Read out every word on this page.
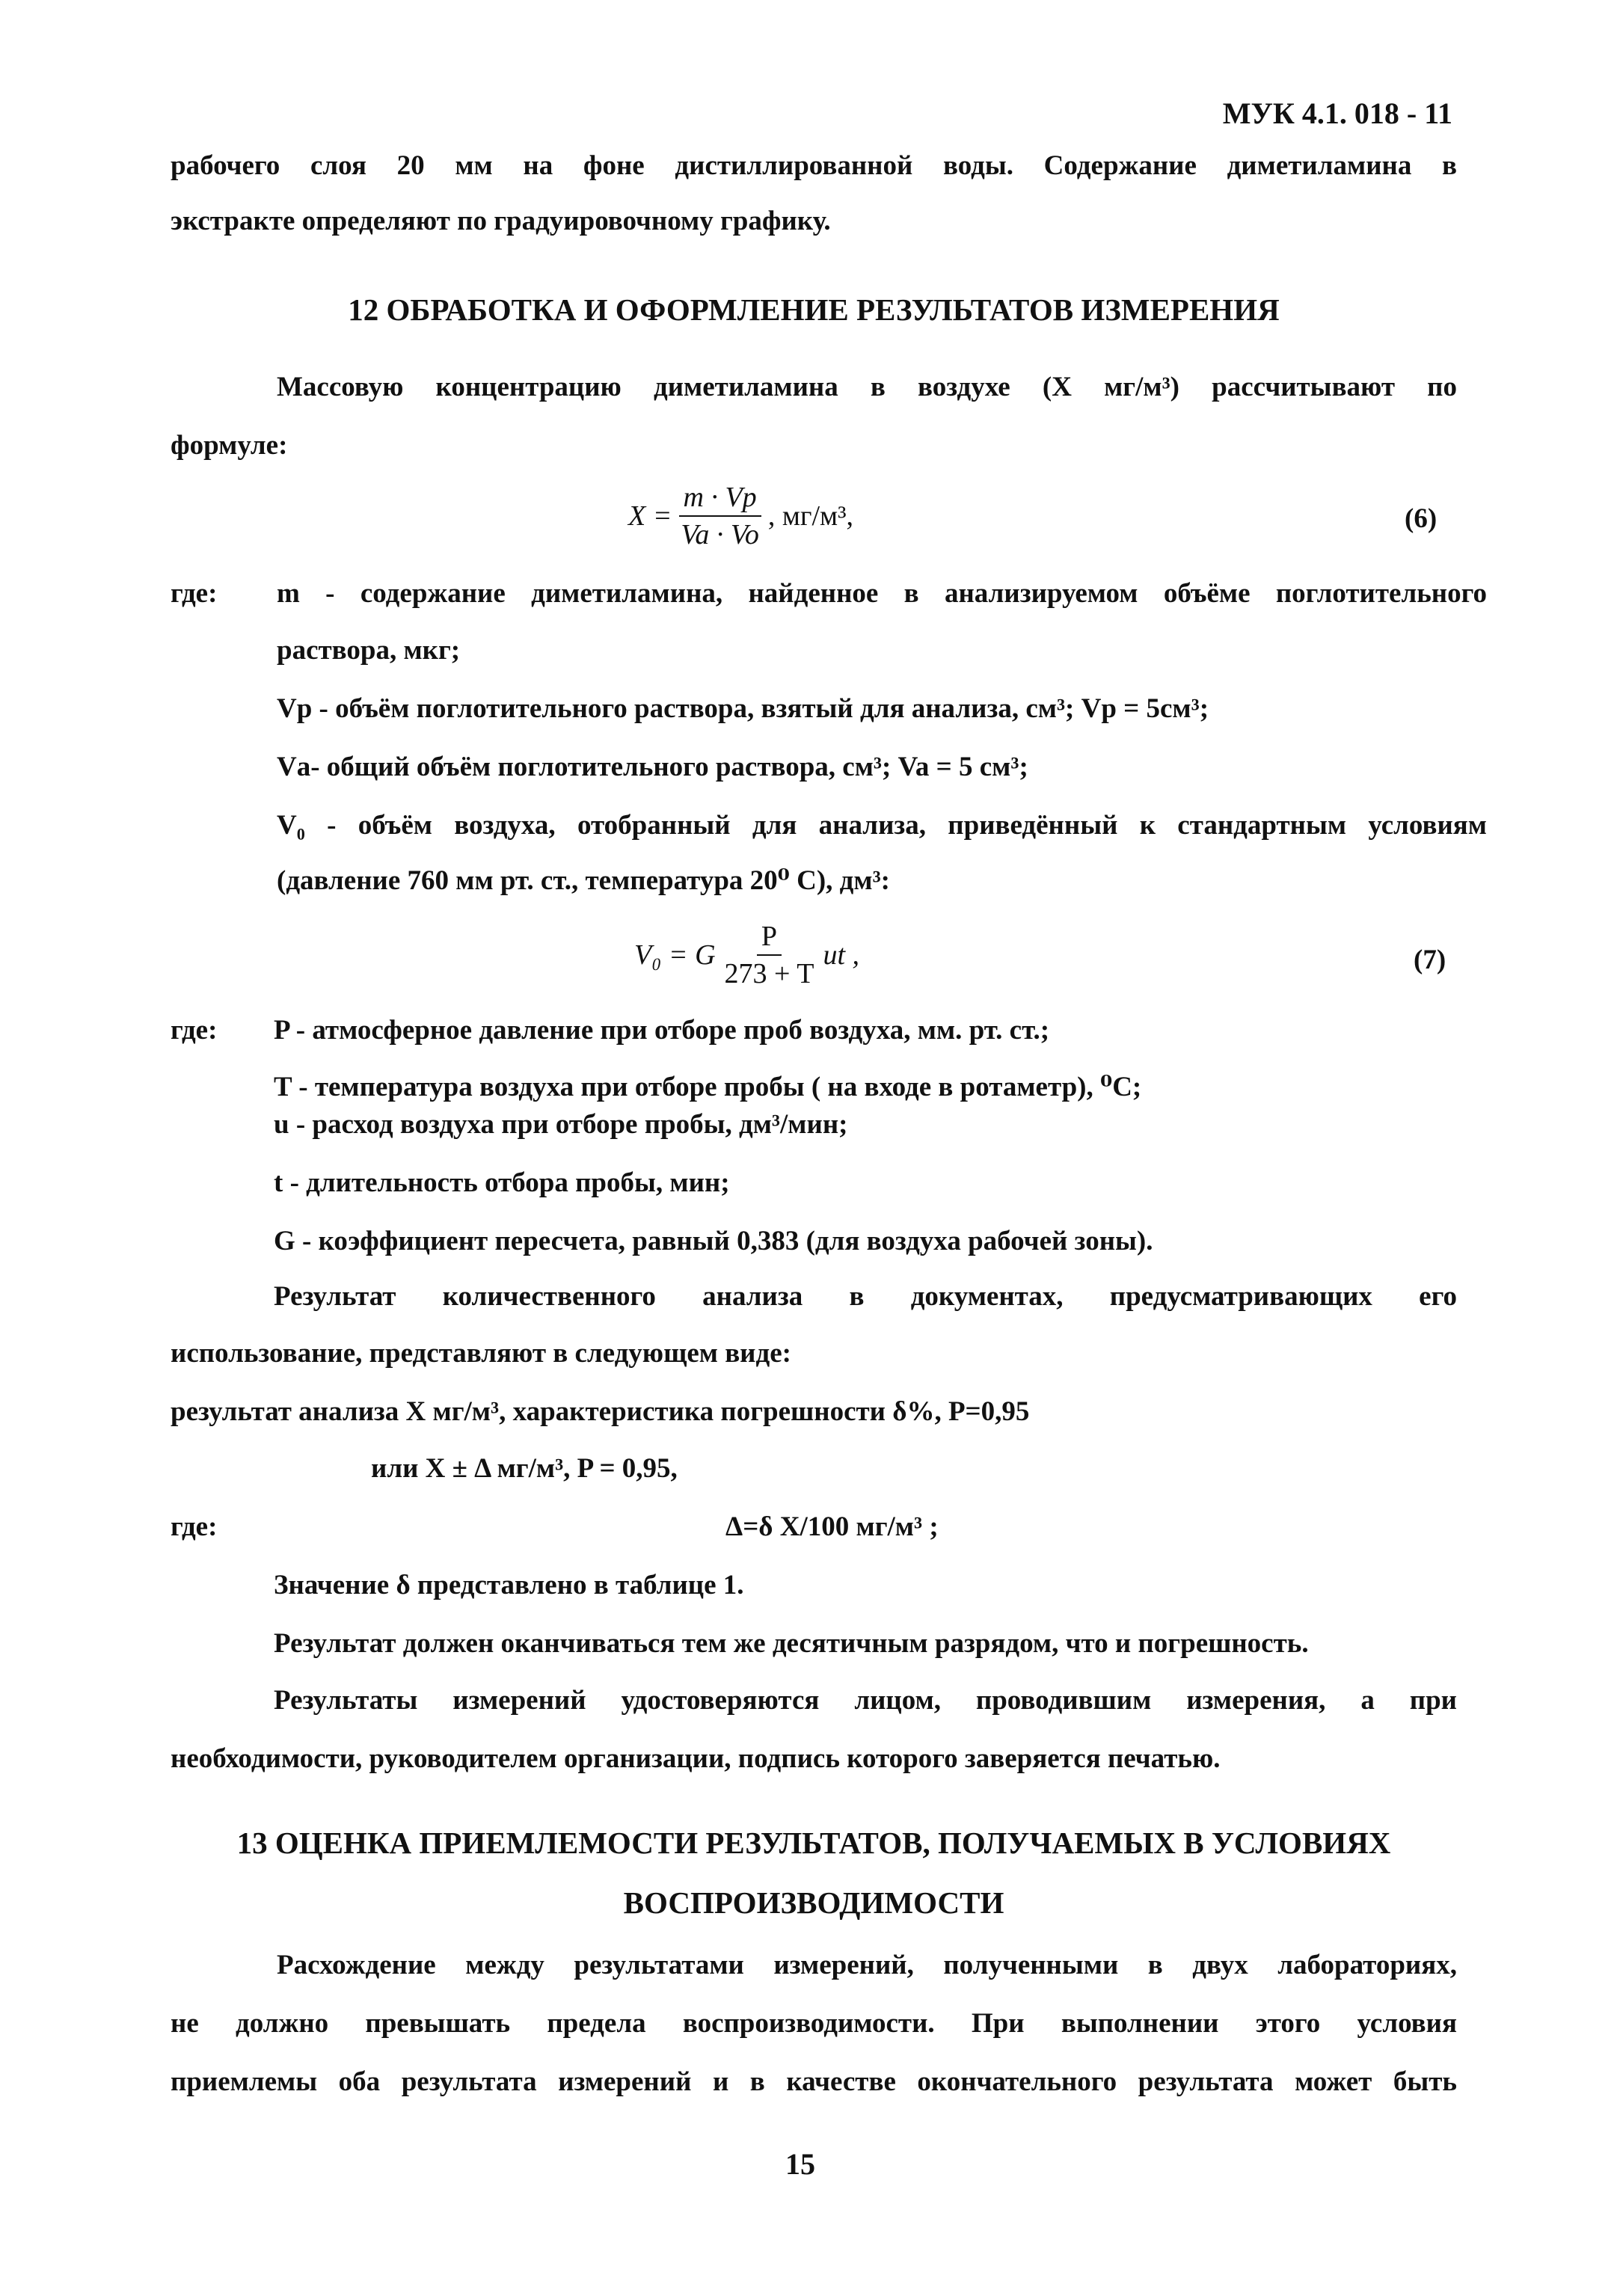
МУК 4.1. 018 - 11
рабочего слоя 20 мм на фоне дистиллированной воды. Содержание диметиламина в
экстракте определяют по градуировочному графику.
12 ОБРАБОТКА И ОФОРМЛЕНИЕ РЕЗУЛЬТАТОВ ИЗМЕРЕНИЯ
Массовую концентрацию диметиламина в воздухе (X мг/м³) рассчитывают по
формуле:
$X = \frac{m \cdot Vp}{Va \cdot Vo}$ , мг/м³,	(6)
где: m - содержание диметиламина, найденное в анализируемом объёме поглотительного
раствора, мкг;
Vр - объём поглотительного раствора, взятый для анализа, см³; Vp = 5см³;
Vа- общий объём поглотительного раствора, см³; Va = 5 см³;
V₀ - объём воздуха, отобранный для анализа, приведённый к стандартным условиям
(давление 760 мм рт. ст., температура 20⁰ С), дм³:
V₀ = G $\frac{P}{273 + T}$ ut ,	(7)
где: P - атмосферное давление при отборе проб воздуха, мм. рт. ст.;
T - температура воздуха при отборе пробы ( на входе в ротаметр), ⁰С;
u - расход воздуха при отборе пробы, дм³/мин;
t - длительность отбора пробы, мин;
G - коэффициент пересчета, равный 0,383 (для воздуха рабочей зоны).
Результат количественного анализа в документах, предусматривающих его
использование, представляют в следующем виде:
результат анализа X мг/м³, характеристика погрешности δ%, P=0,95
или X ± Δ мг/м³, P = 0,95,
где:	Δ=δ X/100 мг/м³ ;
Значение δ представлено в таблице 1.
Результат должен оканчиваться тем же десятичным разрядом, что и погрешность.
Результаты измерений удостоверяются лицом, проводившим измерения, а при
необходимости, руководителем организации, подпись которого заверяется печатью.
13 ОЦЕНКА ПРИЕМЛЕМОСТИ РЕЗУЛЬТАТОВ, ПОЛУЧАЕМЫХ В УСЛОВИЯХ
ВОСПРОИЗВОДИМОСТИ
Расхождение между результатами измерений, полученными в двух лабораториях,
не должно превышать предела воспроизводимости. При выполнении этого условия
приемлемы оба результата измерений и в качестве окончательного результата может быть
15
